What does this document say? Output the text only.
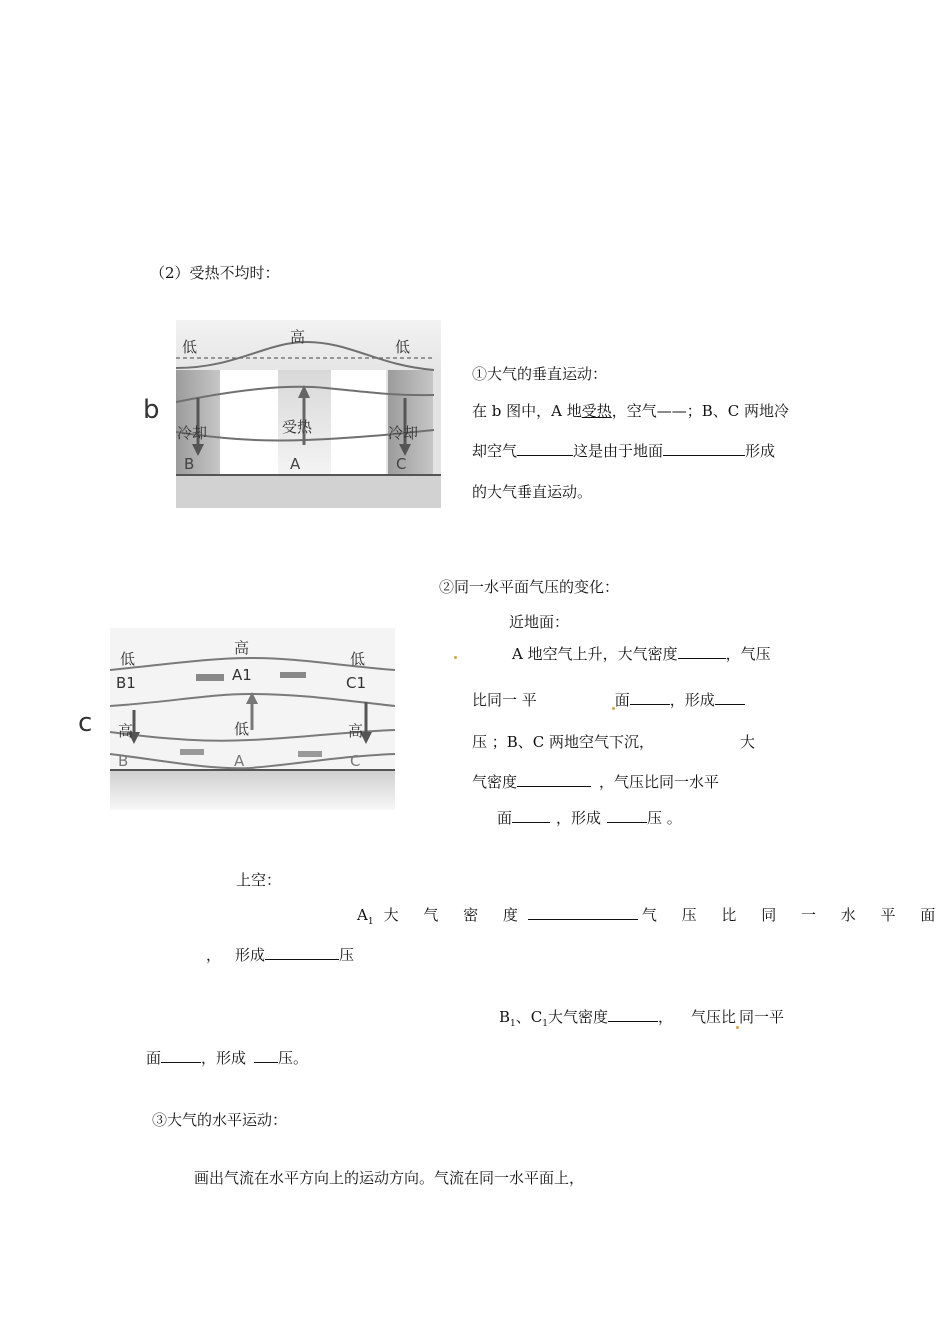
（2）受热不均时：
b
低
高
低
冷却	受热	冷却
B	A	C
①大气的垂直运动：
在 b 图中，A 地受热，空气——；B、C 两地冷
却空气	这是由于地面	形成
的大气垂直运动。
②同一水平面气压的变化：
近地面：
A 地空气上升，大气密度	，气压
比同一 平	面	，形成
压 ；B、C 两地空气下沉，	大
气密度	，气压比同一水平
面	，形成	压 。
c
低
高
低
B1	A1	C1
高	低	高
B	A	C
上空：
$A_1$ 大 气 密 度	气 压 比 同 一 水 平 面
， 形成	压
$B_1$、$C_1$大气密度	， 气压比 同一平
面	，形成 压。
③大气的水平运动：
画出气流在水平方向上的运动方向。气流在同一水平面上，
